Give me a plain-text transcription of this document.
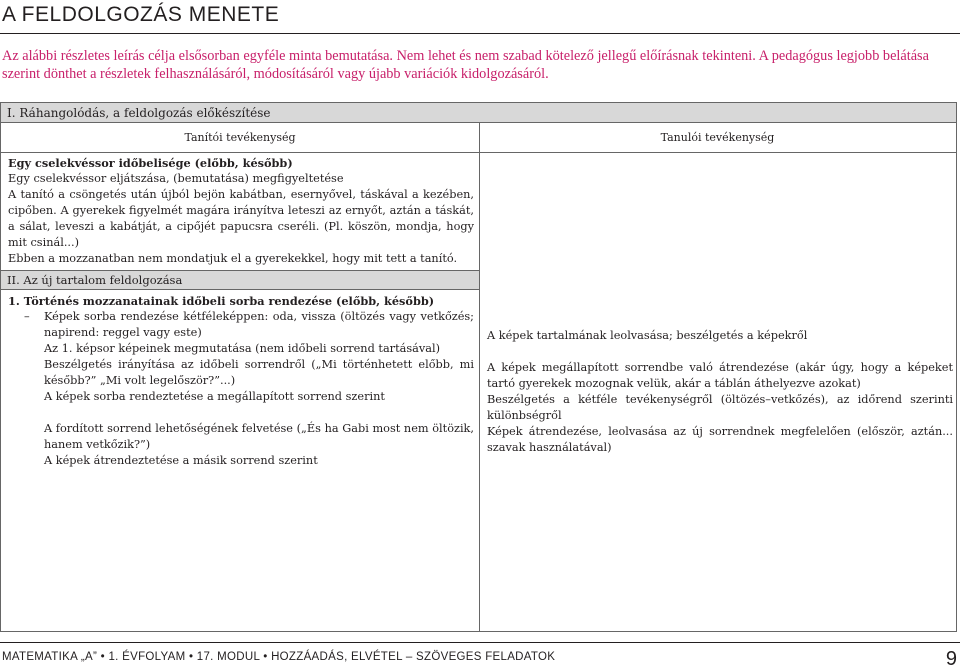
A FELDOLGOZÁS MENETE
Az alábbi részletes leírás célja elsősorban egyféle minta bemutatása. Nem lehet és nem szabad kötelező jellegű előírásnak tekinteni. A pedagógus legjobb belátása szerint dönthet a részletek felhasználásáról, módosításáról vagy újabb variációk kidolgozásáról.
I. Ráhangolódás, a feldolgozás előkészítése
Tanítói tevékenység	Tanulói tevékenység

Egy cselekvéssor időbelisége (előbb, később)

Egy cselekvéssor eljátszása, (bemutatása) megfigyeltetése

A tanító a csöngetés után újból bejön kabátban, esernyővel, táskával a kezében, cipőben. A gyerekek figyelmét magára irányítva leteszi az ernyőt, aztán a táskát, a sálat, leveszi a kabátját, a cipőjét papucsra cseréli. (Pl. köszön, mondja, hogy mit csinál...)

Ebben a mozzanatban nem mondatjuk el a gyerekekkel, hogy mit tett a tanító.

II. Az új tartalom feldolgozása

1. Történés mozzanatainak időbeli sorba rendezése (előbb, később)

– Képek sorba rendezése kétféleképpen: oda, vissza (öltözés vagy vetkőzés; napirend: reggel vagy este)

Az 1. képsor képeinek megmutatása (nem időbeli sorrend tartásával)

Beszélgetés irányítása az időbeli sorrendről („Mi történhetett előbb, mi később?” „Mi volt legelőször?”...)

A képek sorba rendeztetése a megállapított sorrend szerint

A fordított sorrend lehetőségének felvetése („És ha Gabi most nem öltözik, hanem vetkőzik?”)

A képek átrendeztetése a másik sorrend szerint

A képek tartalmának leolvasása; beszélgetés a képekről

A képek megállapított sorrendbe való átrendezése (akár úgy, hogy a képeket tartó gyerekek mozognak velük, akár a táblán áthelyezve azokat)

Beszélgetés a kétféle tevékenységről (öltözés–vetkőzés), az időrend szerinti különbségről

Képek átrendezése, leolvasása az új sorrendnek megfelelően (először, aztán... szavak használatával)

MATEMATIKA „A” • 1. ÉVFOLYAM • 17. MODUL • HOZZÁADÁS, ELVÉTEL – SZÖVEGES FELADATOK	9
